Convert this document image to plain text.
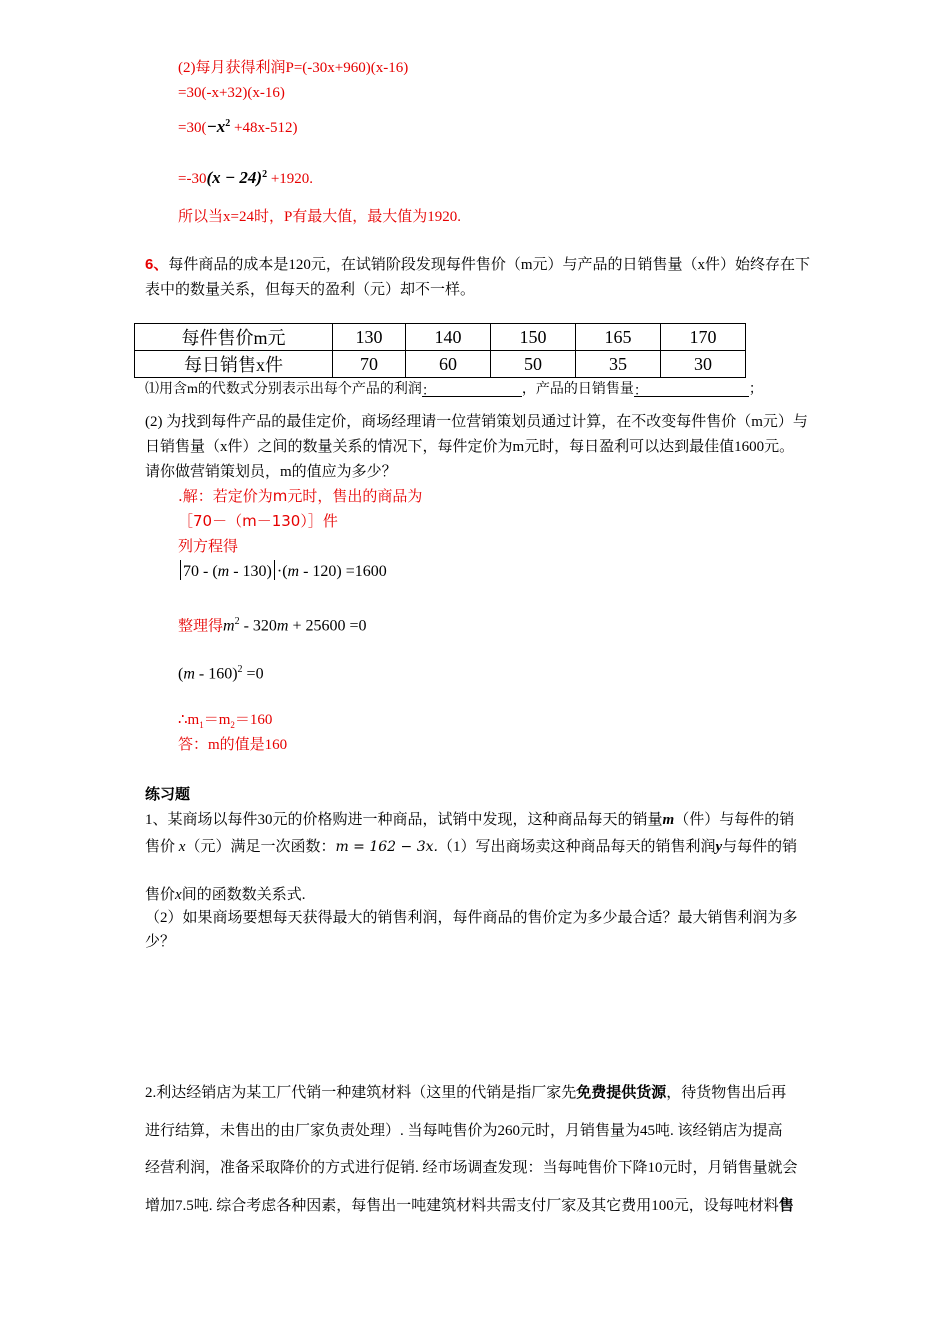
(2)每月获得利润P=(-30x+960)(x-16)
=30(-x+32)(x-16)
$=30(-x^2 +48x-512)$
$=-30(x - 24)^2 +1920$.
所以当x=24时，P有最大值，最大值为1920.
6、每件商品的成本是120元，在试销阶段发现每件售价（m元）与产品的日销售量（x件）始终存在下
表中的数量关系，但每天的盈利（元）却不一样。
每件售价m元	130	140	150	165	170
每日销售x件	70	60	50	35	30
⑴用含m的代数式分别表示出每个产品的利润：	，产品的日销售量：	；
(2) 为找到每件产品的最佳定价，商场经理请一位营销策划员通过计算，在不改变每件售价（m元）与
日销售量（x件）之间的数量关系的情况下，每件定价为m元时，每日盈利可以达到最佳值1600元。
请你做营销策划员，m的值应为多少？
.解：若定价为m元时，售出的商品为
［70－（m－130）］件
列方程得
70 - (m - 130) ·(m - 120) =1600
整理得$m^2 - 320m + 25600 =0$
(m - 160)$^2$ =0
$\therefore m_1=m_2=160$
答：m的值是160
练习题
1、某商场以每件30元的价格购进一种商品，试销中发现，这种商品每天的销量m（件）与每件的销
售价 x（元）满足一次函数：m = 162 − 3x.（1）写出商场卖这种商品每天的销售利润y与每件的销
售价x间的函数数关系式.
（2）如果商场要想每天获得最大的销售利润，每件商品的售价定为多少最合适？最大销售利润为多
少？
2.利达经销店为某工厂代销一种建筑材料（这里的代销是指厂家先免费提供货源，待货物售出后再
进行结算，未售出的由厂家负责处理）. 当每吨售价为260元时，月销售量为45吨. 该经销店为提高
经营利润，准备采取降价的方式进行促销. 经市场调查发现：当每吨售价下降10元时，月销售量就会
增加7.5吨. 综合考虑各种因素，每售出一吨建筑材料共需支付厂家及其它费用100元，设每吨材料售
